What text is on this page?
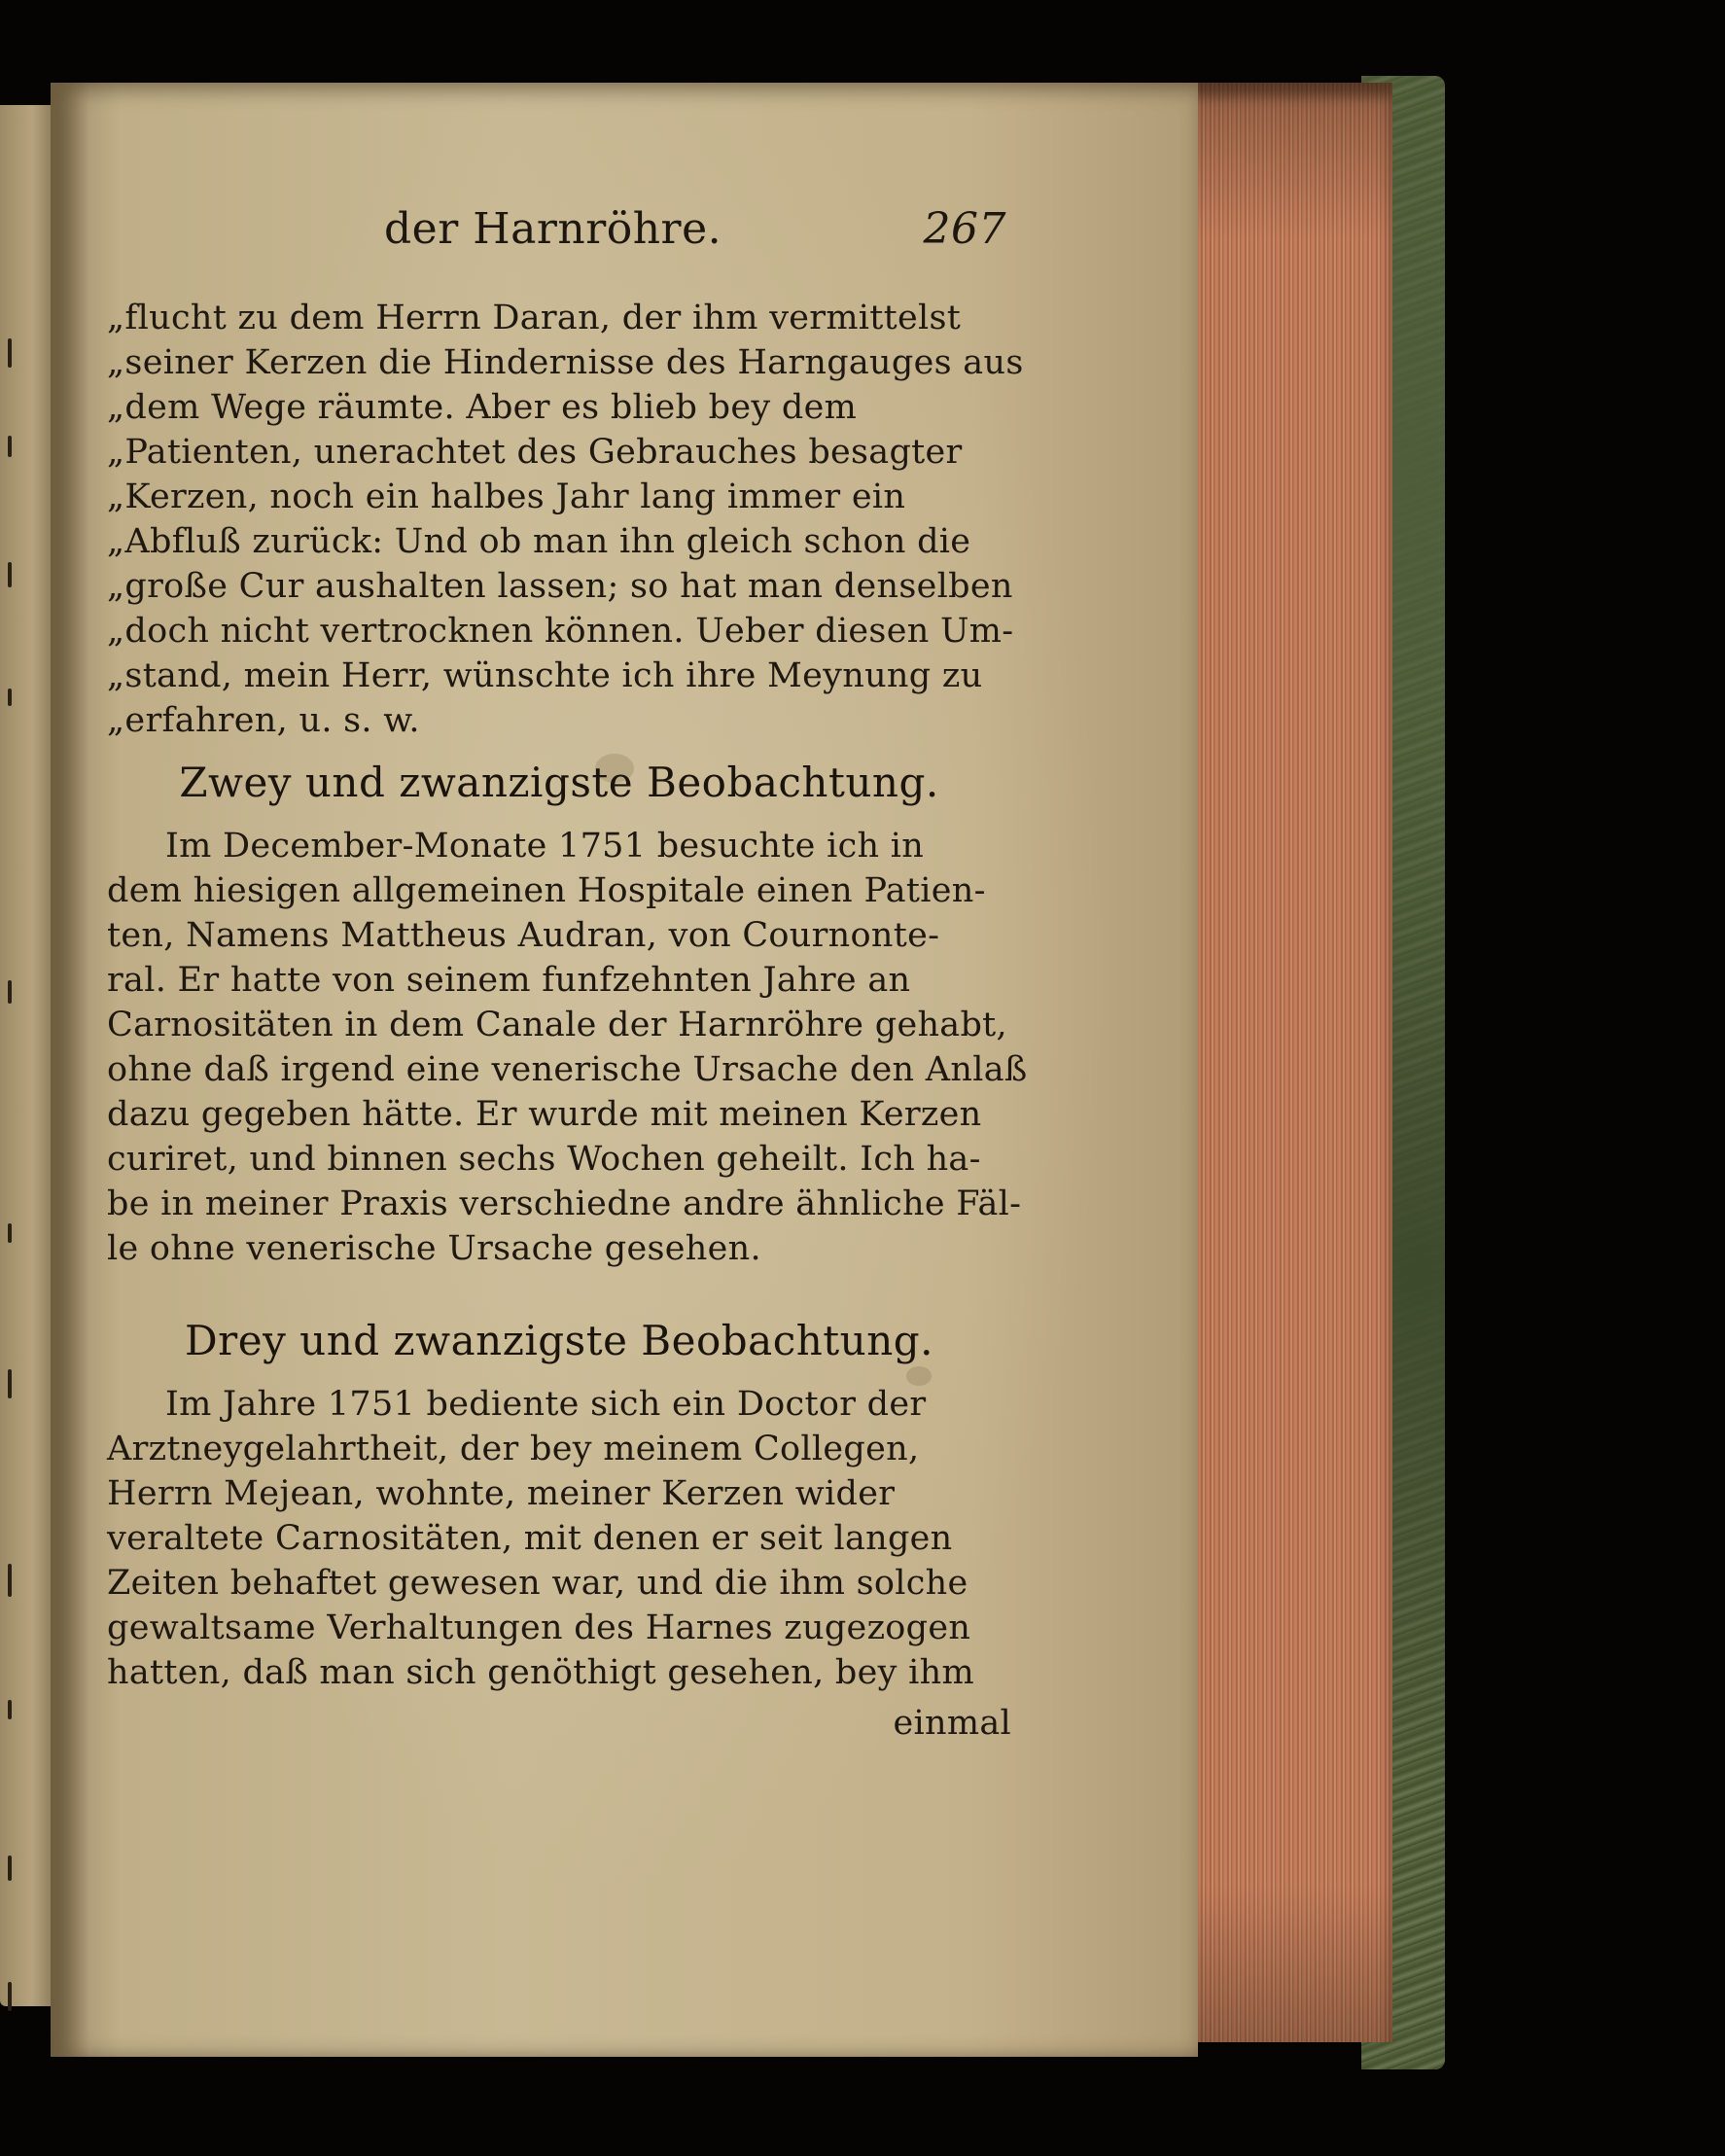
der Harnröhre.	267
„flucht zu dem Herrn Daran, der ihm vermittelst
„seiner Kerzen die Hindernisse des Harngauges aus
„dem Wege räumte. Aber es blieb bey dem
„Patienten, unerachtet des Gebrauches besagter
„Kerzen, noch ein halbes Jahr lang immer ein
„Abfluß zurück: Und ob man ihn gleich schon die
„große Cur aushalten lassen; so hat man denselben
„doch nicht vertrocknen können. Ueber diesen Um-
„stand, mein Herr, wünschte ich ihre Meynung zu
„erfahren, u. s. w.
Zwey und zwanzigste Beobachtung.
Im December-Monate 1751 besuchte ich in
dem hiesigen allgemeinen Hospitale einen Patien-
ten, Namens Mattheus Audran, von Cournonte-
ral. Er hatte von seinem funfzehnten Jahre an
Carnositäten in dem Canale der Harnröhre gehabt,
ohne daß irgend eine venerische Ursache den Anlaß
dazu gegeben hätte. Er wurde mit meinen Kerzen
curiret, und binnen sechs Wochen geheilt. Ich ha-
be in meiner Praxis verschiedne andre ähnliche Fäl-
le ohne venerische Ursache gesehen.
Drey und zwanzigste Beobachtung.
Im Jahre 1751 bediente sich ein Doctor der
Arztneygelahrtheit, der bey meinem Collegen,
Herrn Mejean, wohnte, meiner Kerzen wider
veraltete Carnositäten, mit denen er seit langen
Zeiten behaftet gewesen war, und die ihm solche
gewaltsame Verhaltungen des Harnes zugezogen
hatten, daß man sich genöthigt gesehen, bey ihm
einmal
